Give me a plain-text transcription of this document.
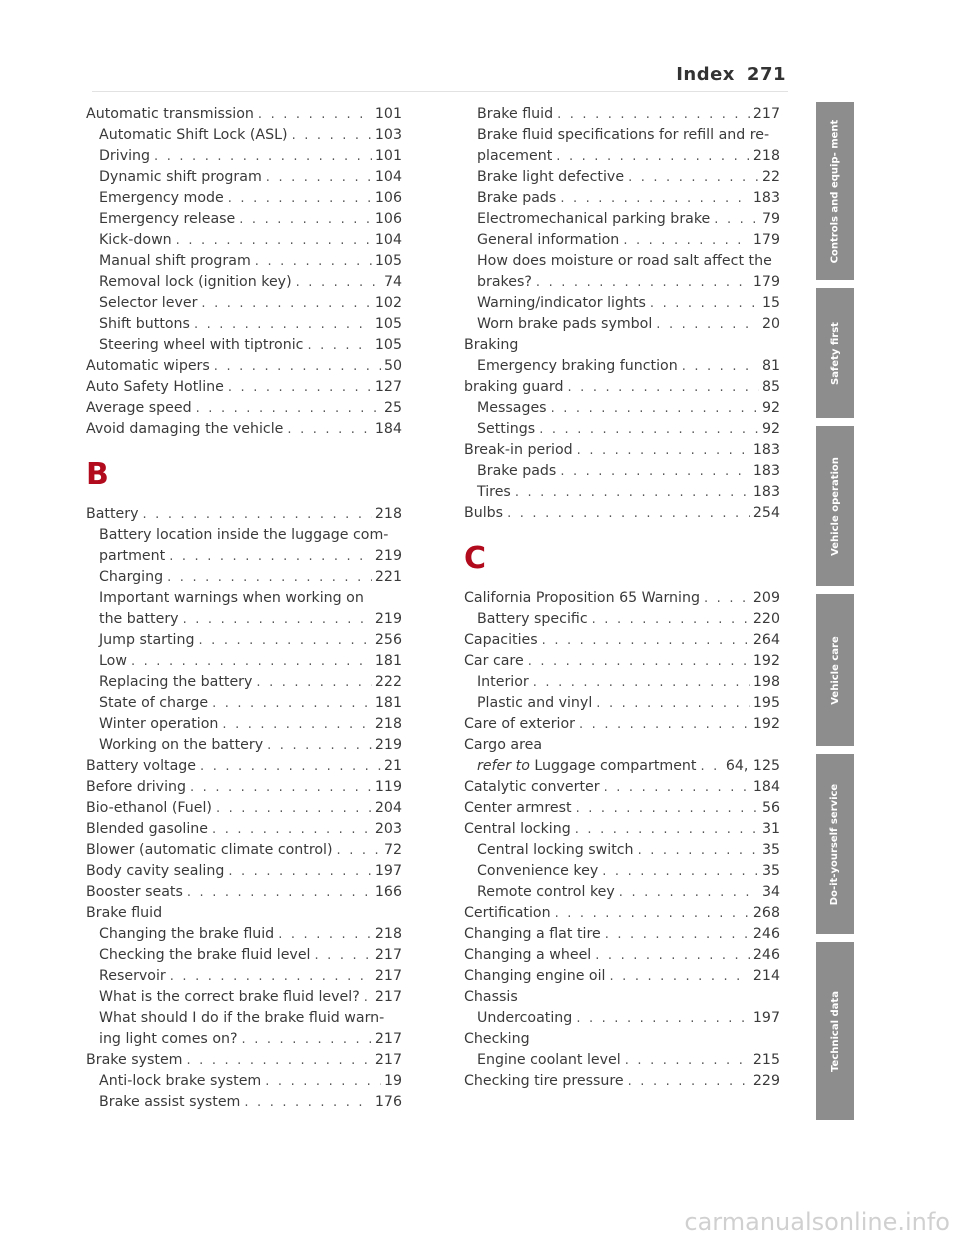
Index 271
Automatic transmission . . .	101
Automatic Shift Lock (ASL) . . .	103
Driving . . .	101
Dynamic shift program . . .	104
Emergency mode . . .	106
Emergency release . . .	106
Kick-down . . .	104
Manual shift program . . .	105
Removal lock (ignition key) . . .	74
Selector lever . . .	102
Shift buttons . . .	105
Steering wheel with tiptronic . . .	105
Automatic wipers . . .	50
Auto Safety Hotline . . .	127
Average speed . . .	25
Avoid damaging the vehicle . . .	184
B
Battery . . .	218
Battery location inside the luggage com-
partment . . .	219
Charging . . .	221
Important warnings when working on
the battery . . .	219
Jump starting . . .	256
Low . . .	181
Replacing the battery . . .	222
State of charge . . .	181
Winter operation . . .	218
Working on the battery . . .	219
Battery voltage . . .	21
Before driving . . .	119
Bio-ethanol (Fuel) . . .	204
Blended gasoline . . .	203
Blower (automatic climate control) . . .	72
Body cavity sealing . . .	197
Booster seats . . .	166
Brake fluid
Changing the brake fluid . . .	218
Checking the brake fluid level . . .	217
Reservoir . . .	217
What is the correct brake fluid level? . . . 217
What should I do if the brake fluid warn-
ing light comes on? . . .	217
Brake system . . .	217
Anti-lock brake system . . .	19
Brake assist system . . .	176
Brake fluid . . .	217
Brake fluid specifications for refill and re-
placement . . .	218
Brake light defective . . .	22
Brake pads . . .	183
Electromechanical parking brake . . .	79
General information . . .	179
How does moisture or road salt affect the
brakes? . . .	179
Warning/indicator lights . . .	15
Worn brake pads symbol . . .	20
Braking
Emergency braking function . . .	81
braking guard . . .	85
Messages . . .	92
Settings . . .	92
Break-in period . . .	183
Brake pads . . .	183
Tires . . .	183
Bulbs . . .	254
C
California Proposition 65 Warning . . .	209
Battery specific . . .	220
Capacities . . .	264
Car care . . .	192
Interior . . .	198
Plastic and vinyl . . .	195
Care of exterior . . .	192
Cargo area
refer to Luggage compartment . . . 64, 125
Catalytic converter . . .	184
Center armrest . . .	56
Central locking . . .	31
Central locking switch . . .	35
Convenience key . . .	35
Remote control key . . .	34
Certification . . .	268
Changing a flat tire . . .	246
Changing a wheel . . .	246
Changing engine oil . . .	214
Chassis
Undercoating . . .	197
Checking
Engine coolant level . . .	215
Checking tire pressure . . .	229
Controls and equip- ment
Safety first
Vehicle operation
Vehicle care
Do-it-yourself service
Technical data
carmanualsonline.info
